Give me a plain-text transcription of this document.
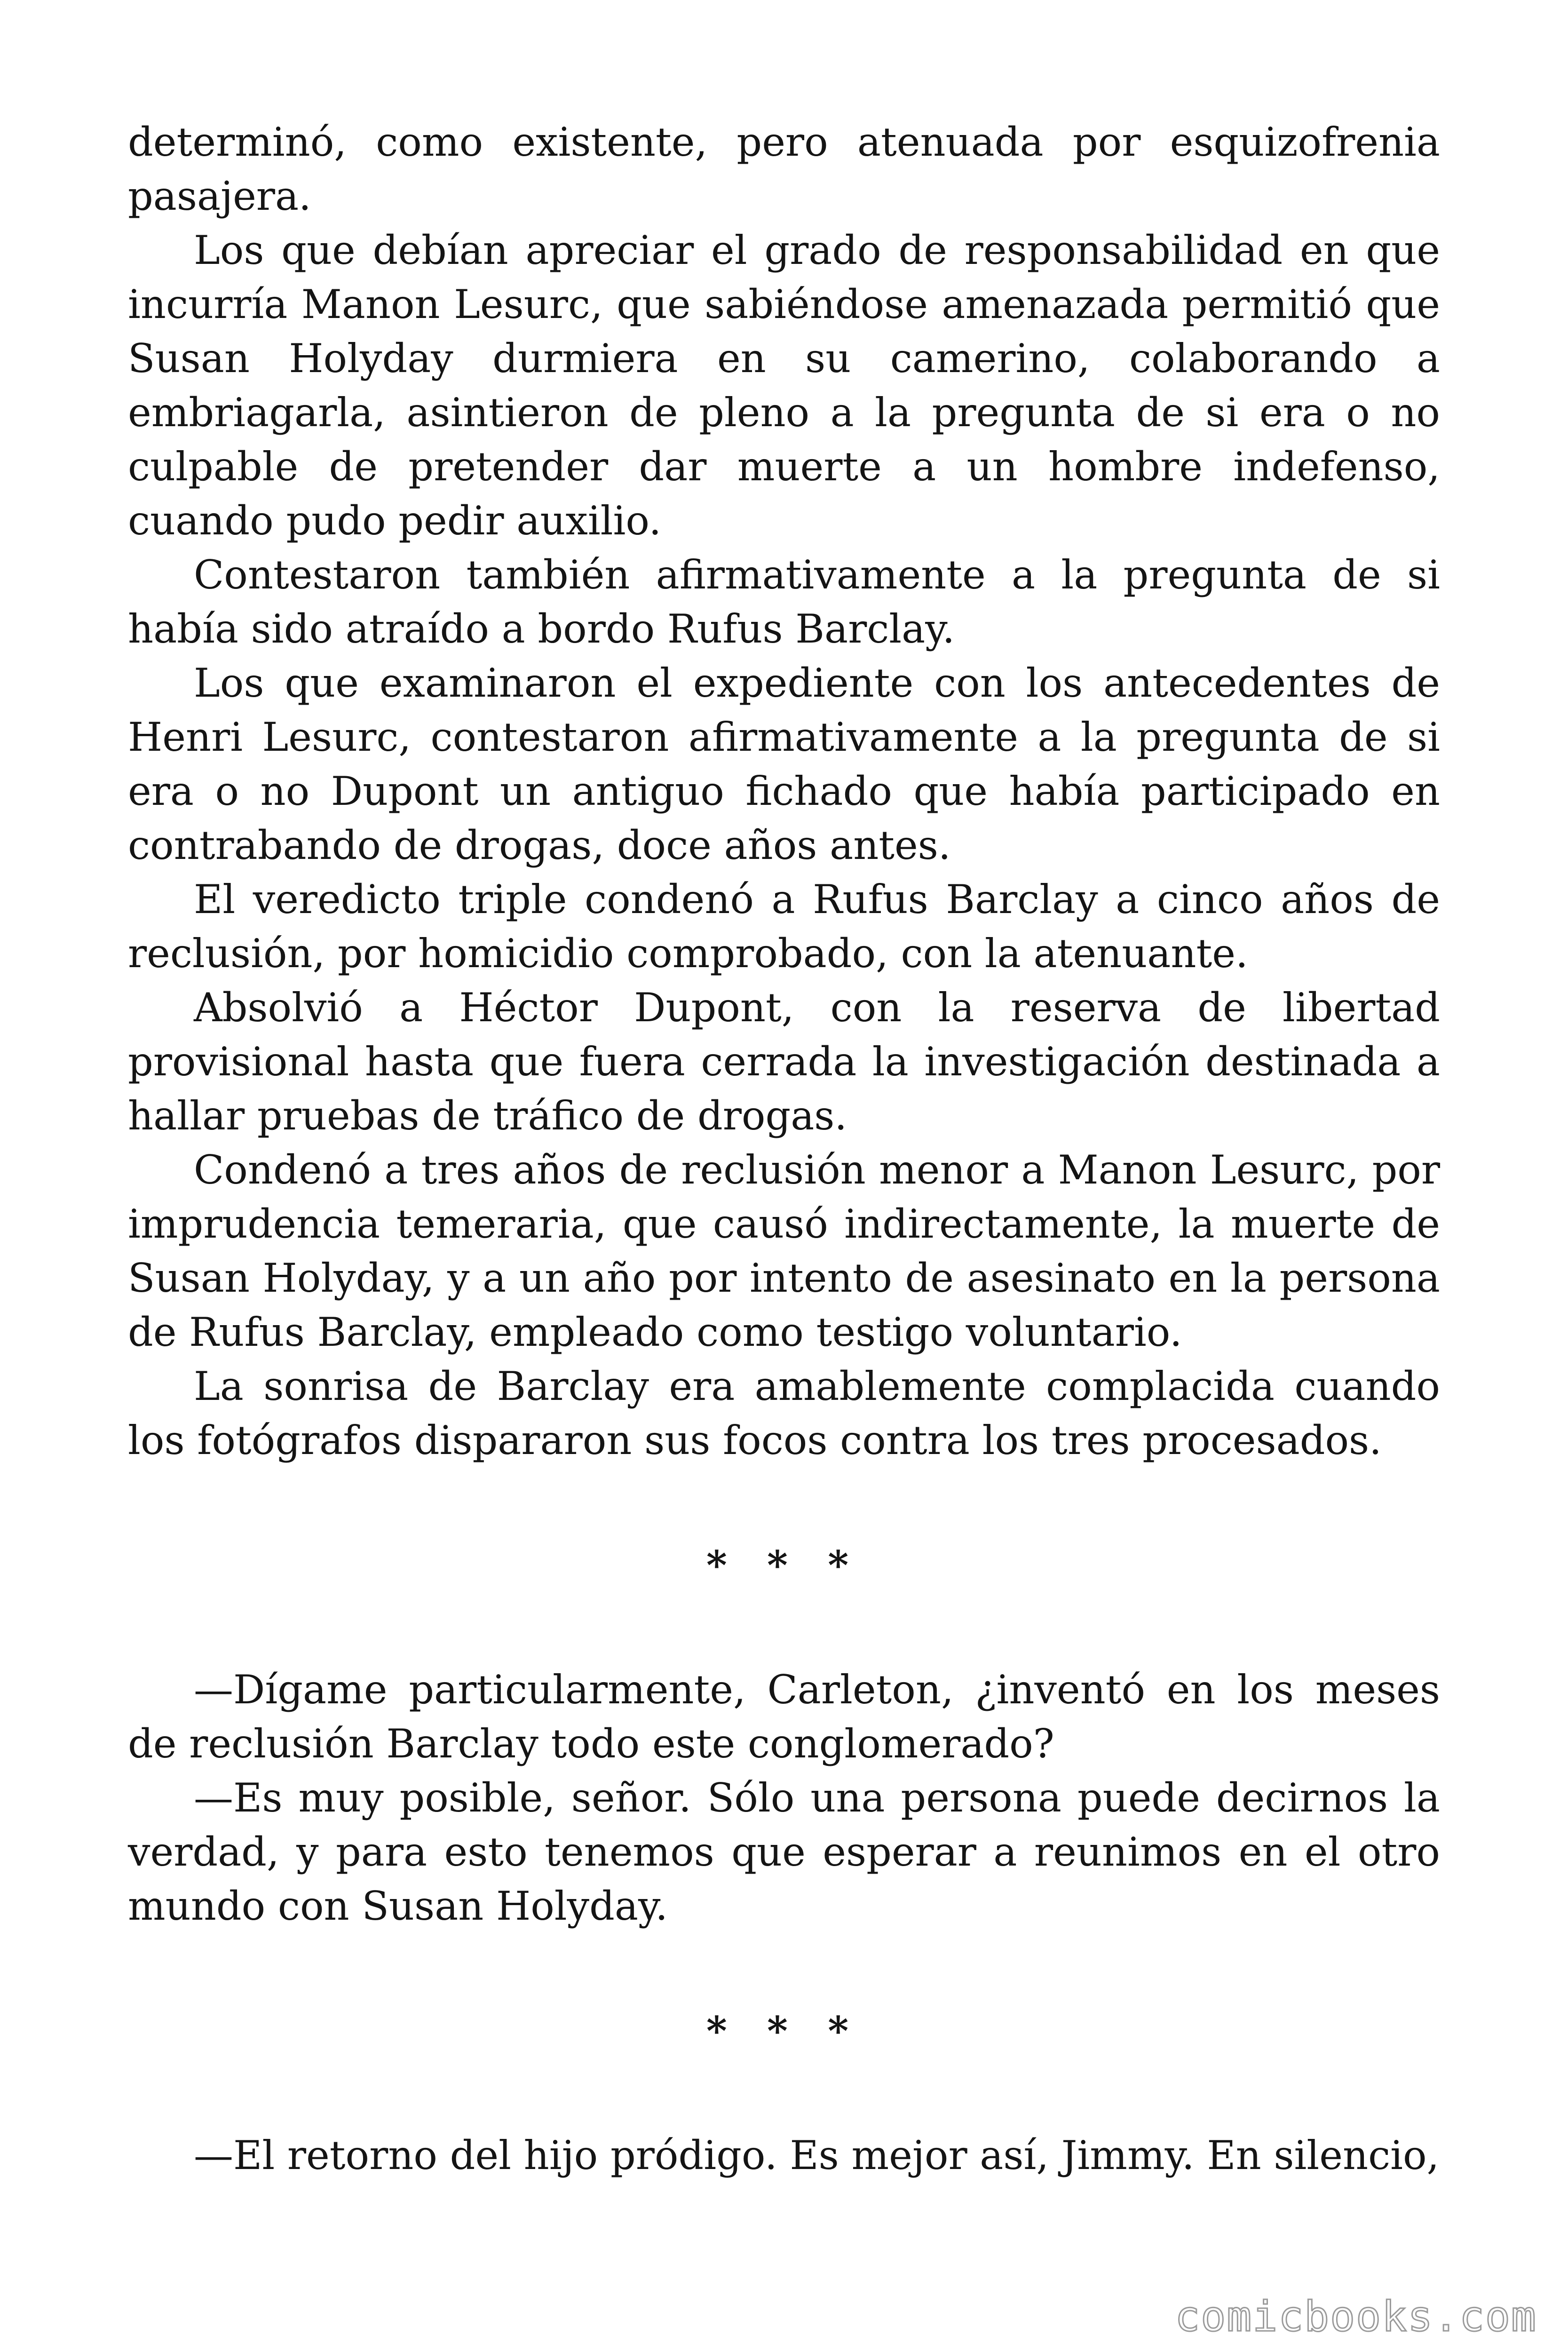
determinó, como existente, pero atenuada por esquizofrenia pasajera.

Los que debían apreciar el grado de responsabilidad en que incurría Manon Lesurc, que sabiéndose amenazada permitió que Susan Holyday durmiera en su camerino, colaborando a embriagarla, asintieron de pleno a la pregunta de si era o no culpable de pretender dar muerte a un hombre indefenso, cuando pudo pedir auxilio.

Contestaron también afirmativamente a la pregunta de si había sido atraído a bordo Rufus Barclay.

Los que examinaron el expediente con los antecedentes de Henri Lesurc, contestaron afirmativamente a la pregunta de si era o no Dupont un antiguo fichado que había participado en contrabando de drogas, doce años antes.

El veredicto triple condenó a Rufus Barclay a cinco años de reclusión, por homicidio comprobado, con la atenuante.

Absolvió a Héctor Dupont, con la reserva de libertad provisional hasta que fuera cerrada la investigación destinada a hallar pruebas de tráfico de drogas.

Condenó a tres años de reclusión menor a Manon Lesurc, por imprudencia temeraria, que causó indirectamente, la muerte de Susan Holyday, y a un año por intento de asesinato en la persona de Rufus Barclay, empleado como testigo voluntario.

La sonrisa de Barclay era amablemente complacida cuando los fotógrafos dispararon sus focos contra los tres procesados.

* * *

—Dígame particularmente, Carleton, ¿inventó en los meses de reclusión Barclay todo este conglomerado?

—Es muy posible, señor. Sólo una persona puede decirnos la verdad, y para esto tenemos que esperar a reunimos en el otro mundo con Susan Holyday.

* * *

—El retorno del hijo pródigo. Es mejor así, Jimmy. En silencio,

comicbooks.com
